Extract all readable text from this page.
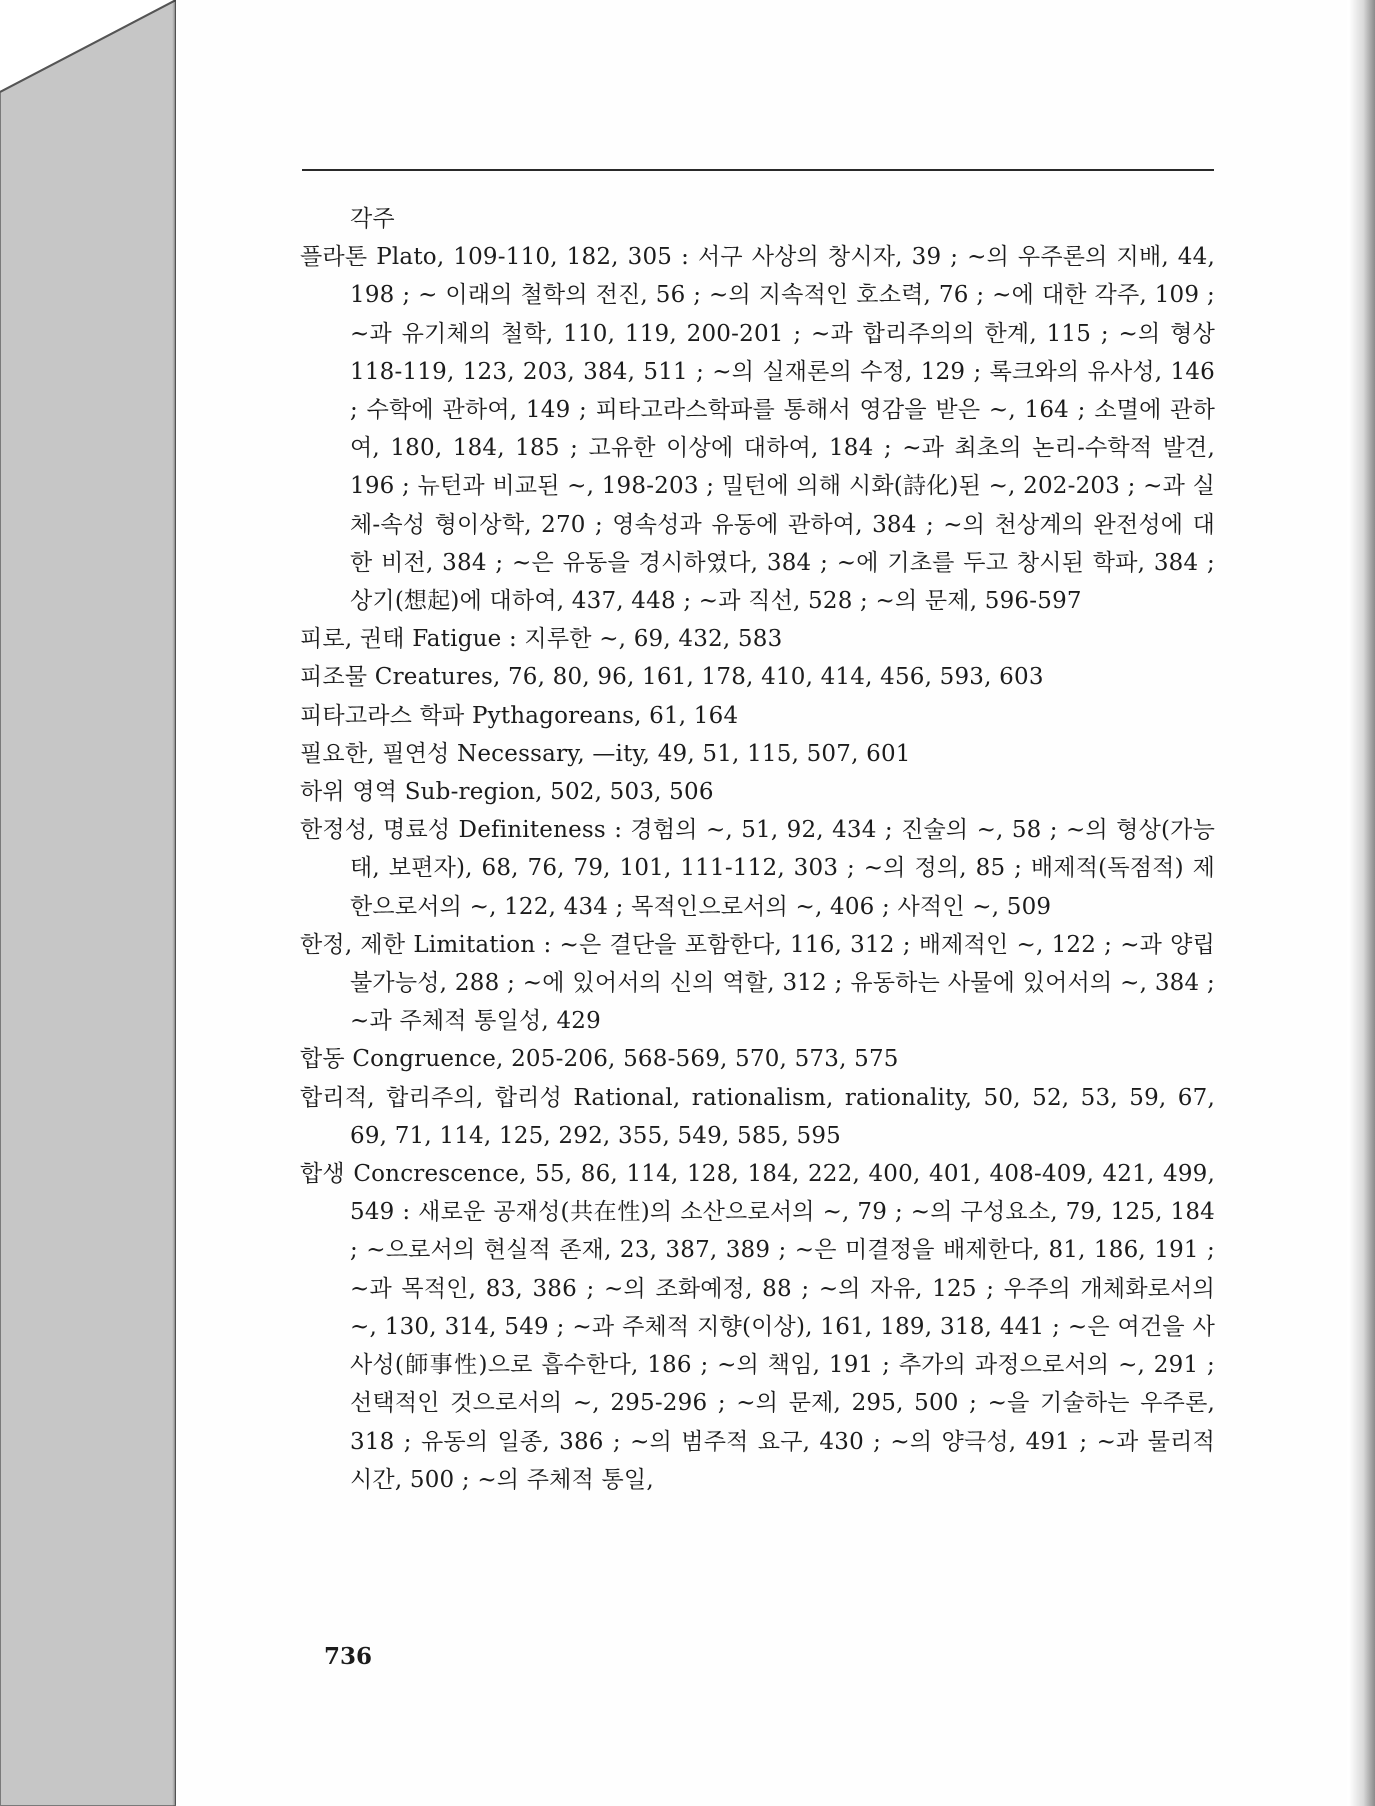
각주
플라톤 Plato, 109-110, 182, 305 : 서구 사상의 창시자, 39 ; ~의 우주론의 지배, 44, 198 ; ~ 이래의 철학의 전진, 56 ; ~의 지속적인 호소력, 76 ; ~에 대한 각주, 109 ; ~과 유기체의 철학, 110, 119, 200-201 ; ~과 합리주의의 한계, 115 ; ~의 형상 118-119, 123, 203, 384, 511 ; ~의 실재론의 수정, 129 ; 록크와의 유사성, 146 ; 수학에 관하여, 149 ; 피타고라스학파를 통해서 영감을 받은 ~, 164 ; 소멸에 관하여, 180, 184, 185 ; 고유한 이상에 대하여, 184 ; ~과 최초의 논리-수학적 발견, 196 ; 뉴턴과 비교된 ~, 198-203 ; 밀턴에 의해 시화(詩化)된 ~, 202-203 ; ~과 실체-속성 형이상학, 270 ; 영속성과 유동에 관하여, 384 ; ~의 천상계의 완전성에 대한 비전, 384 ; ~은 유동을 경시하였다, 384 ; ~에 기초를 두고 창시된 학파, 384 ; 상기(想起)에 대하여, 437, 448 ; ~과 직선, 528 ; ~의 문제, 596-597
피로, 권태 Fatigue : 지루한 ~, 69, 432, 583
피조물 Creatures, 76, 80, 96, 161, 178, 410, 414, 456, 593, 603
피타고라스 학파 Pythagoreans, 61, 164
필요한, 필연성 Necessary, —ity, 49, 51, 115, 507, 601
하위 영역 Sub-region, 502, 503, 506
한정성, 명료성 Definiteness : 경험의 ~, 51, 92, 434 ; 진술의 ~, 58 ; ~의 형상(가능태, 보편자), 68, 76, 79, 101, 111-112, 303 ; ~의 정의, 85 ; 배제적(독점적) 제한으로서의 ~, 122, 434 ; 목적인으로서의 ~, 406 ; 사적인 ~, 509
한정, 제한 Limitation : ~은 결단을 포함한다, 116, 312 ; 배제적인 ~, 122 ; ~과 양립 불가능성, 288 ; ~에 있어서의 신의 역할, 312 ; 유동하는 사물에 있어서의 ~, 384 ; ~과 주체적 통일성, 429
합동 Congruence, 205-206, 568-569, 570, 573, 575
합리적, 합리주의, 합리성 Rational, rationalism, rationality, 50, 52, 53, 59, 67, 69, 71, 114, 125, 292, 355, 549, 585, 595
합생 Concrescence, 55, 86, 114, 128, 184, 222, 400, 401, 408-409, 421, 499, 549 : 새로운 공재성(共在性)의 소산으로서의 ~, 79 ; ~의 구성요소, 79, 125, 184 ; ~으로서의 현실적 존재, 23, 387, 389 ; ~은 미결정을 배제한다, 81, 186, 191 ; ~과 목적인, 83, 386 ; ~의 조화예정, 88 ; ~의 자유, 125 ; 우주의 개체화로서의 ~, 130, 314, 549 ; ~과 주체적 지향(이상), 161, 189, 318, 441 ; ~은 여건을 사사성(師事性)으로 흡수한다, 186 ; ~의 책임, 191 ; 추가의 과정으로서의 ~, 291 ; 선택적인 것으로서의 ~, 295-296 ; ~의 문제, 295, 500 ; ~을 기술하는 우주론, 318 ; 유동의 일종, 386 ; ~의 범주적 요구, 430 ; ~의 양극성, 491 ; ~과 물리적 시간, 500 ; ~의 주체적 통일,
736
